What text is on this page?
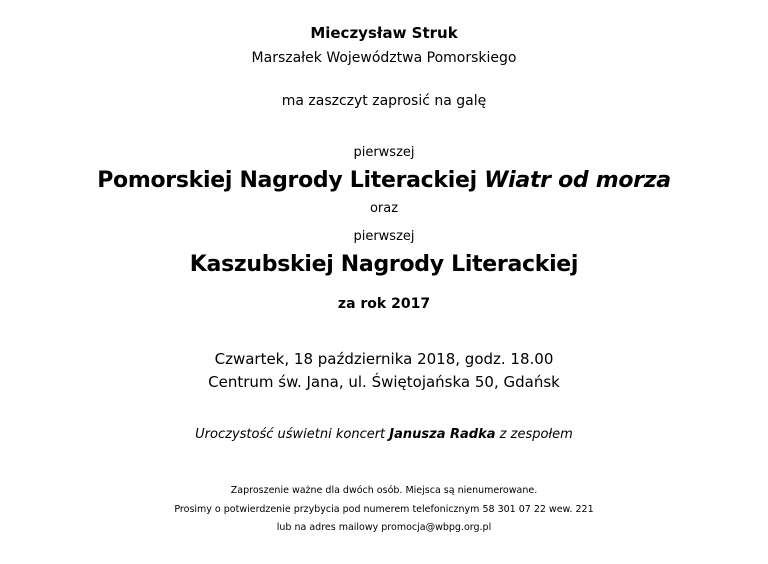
Mieczysław Struk
Marszałek Województwa Pomorskiego
ma zaszczyt zaprosić na galę
pierwszej
Pomorskiej Nagrody Literackiej Wiatr od morza
oraz
pierwszej
Kaszubskiej Nagrody Literackiej
za rok 2017
Czwartek, 18 października 2018, godz. 18.00
Centrum św. Jana, ul. Świętojańska 50, Gdańsk
Uroczystość uświetni koncert Janusza Radka z zespołem
Zaproszenie ważne dla dwóch osób. Miejsca są nienumerowane.
Prosimy o potwierdzenie przybycia pod numerem telefonicznym 58 301 07 22 wew. 221
lub na adres mailowy promocja@wbpg.org.pl
